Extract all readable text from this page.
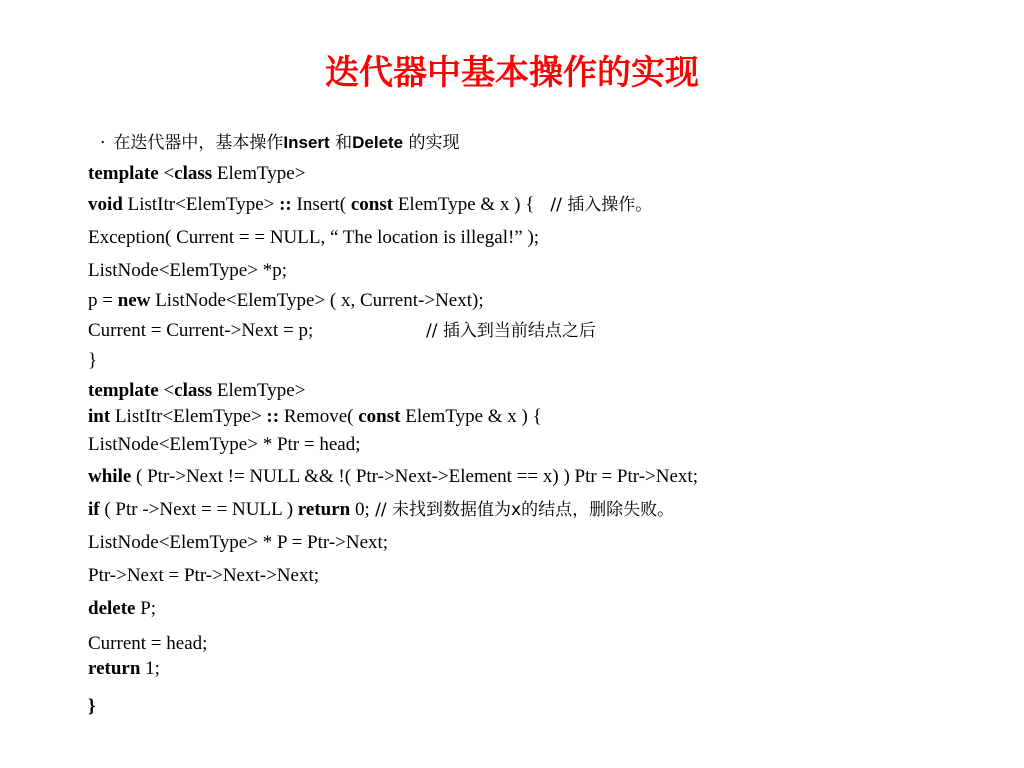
迭代器中基本操作的实现
· 在迭代器中，基本操作Insert 和Delete 的实现
template <class ElemType>
void ListItr<ElemType> :: Insert( const ElemType & x ) { // 插入操作。
Exception( Current = = NULL, “ The location is illegal!” );
ListNode<ElemType> *p;
p = new ListNode<ElemType> ( x, Current->Next);
Current = Current->Next = p;	// 插入到当前结点之后
}
template <class ElemType>
int ListItr<ElemType> :: Remove( const ElemType & x ) {
ListNode<ElemType> * Ptr = head;
while ( Ptr->Next != NULL && !( Ptr->Next->Element == x) ) Ptr = Ptr->Next;
if ( Ptr ->Next = = NULL ) return 0; // 未找到数据值为x的结点，删除失败。
ListNode<ElemType> * P = Ptr->Next;
Ptr->Next = Ptr->Next->Next;
delete P;
Current = head;
return 1;
}
